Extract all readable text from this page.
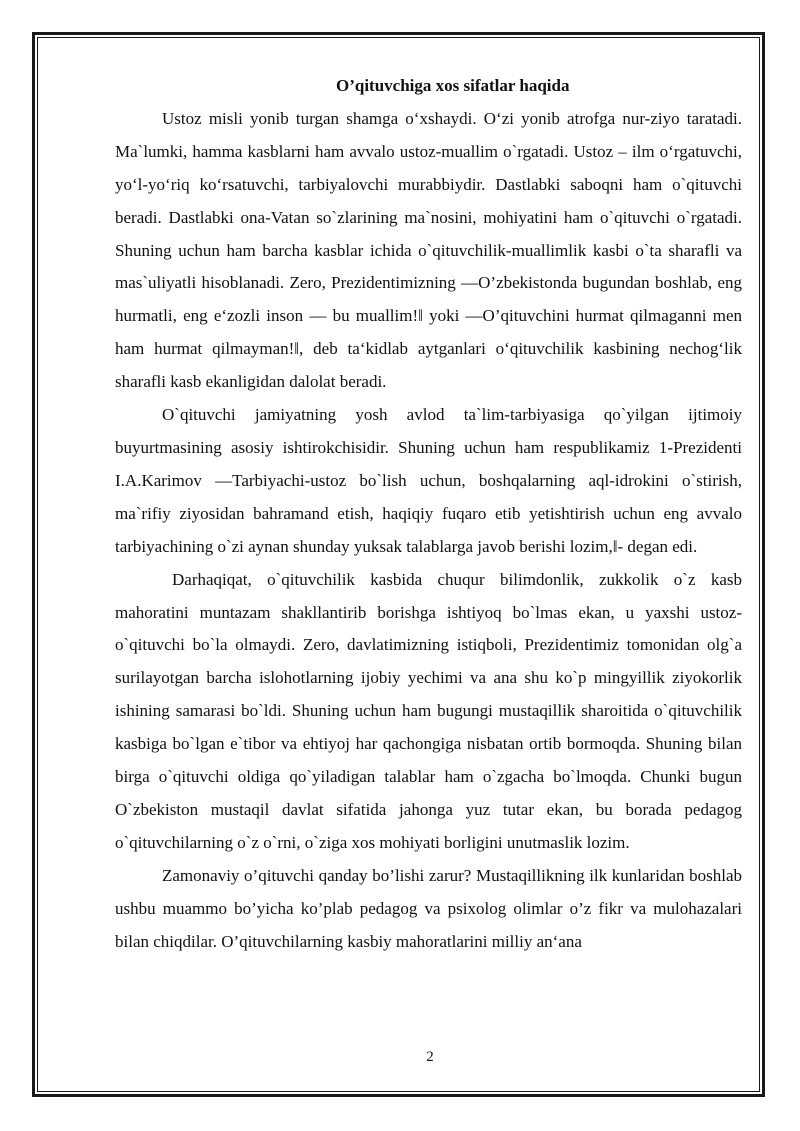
O’qituvchiga xos sifatlar haqida

Ustoz misli yonib turgan shamga o‘xshaydi. O‘zi yonib atrofga nur-ziyo taratadi. Ma`lumki, hamma kasblarni ham avvalo ustoz-muallim o`rgatadi. Ustoz – ilm o‘rgatuvchi, yo‘l-yo‘riq ko‘rsatuvchi, tarbiyalovchi murabbiydir. Dastlabki saboqni ham o`qituvchi beradi. Dastlabki ona-Vatan so`zlarining ma`nosini, mohiyatini ham o`qituvchi o`rgatadi. Shuning uchun ham barcha kasblar ichida o`qituvchilik-muallimlik kasbi o`ta sharafli va mas`uliyatli hisoblanadi. Zero, Prezidentimizning ―O’zbekistonda bugundan boshlab, eng hurmatli, eng e‘zozli inson — bu muallim!‖ yoki ―O’qituvchini hurmat qilmaganni men ham hurmat qilmayman!‖, deb ta‘kidlab aytganlari o‘qituvchilik kasbining nechog‘lik sharafli kasb ekanligidan dalolat beradi.

O`qituvchi jamiyatning yosh avlod ta`lim-tarbiyasiga qo`yilgan ijtimoiy buyurtmasining asosiy ishtirokchisidir. Shuning uchun ham respublikamiz 1-Prezidenti I.A.Karimov ―Tarbiyachi-ustoz bo`lish uchun, boshqalarning aql-idrokini o`stirish, ma`rifiy ziyosidan bahramand etish, haqiqiy fuqaro etib yetishtirish uchun eng avvalo tarbiyachining o`zi aynan shunday yuksak talablarga javob berishi lozim,‖- degan edi.

Darhaqiqat, o`qituvchilik kasbida chuqur bilimdonlik, zukkolik o`z kasb mahoratini muntazam shakllantirib borishga ishtiyoq bo`lmas ekan, u yaxshi ustoz-o`qituvchi bo`la olmaydi. Zero, davlatimizning istiqboli, Prezidentimiz tomonidan olg`a surilayotgan barcha islohotlarning ijobiy yechimi va ana shu ko`p mingyillik ziyokorlik ishining samarasi bo`ldi. Shuning uchun ham bugungi mustaqillik sharoitida o`qituvchilik kasbiga bo`lgan e`tibor va ehtiyoj har qachongiga nisbatan ortib bormoqda. Shuning bilan birga o`qituvchi oldiga qo`yiladigan talablar ham o`zgacha bo`lmoqda. Chunki bugun O`zbekiston mustaqil davlat sifatida jahonga yuz tutar ekan, bu borada pedagog o`qituvchilarning o`z o`rni, o`ziga xos mohiyati borligini unutmaslik lozim.

Zamonaviy o’qituvchi qanday bo’lishi zarur? Mustaqillikning ilk kunlaridan boshlab ushbu muammo bo’yicha ko’plab pedagog va psixolog olimlar o’z fikr va mulohazalari bilan chiqdilar. O’qituvchilarning kasbiy mahoratlarini milliy an‘ana

2
